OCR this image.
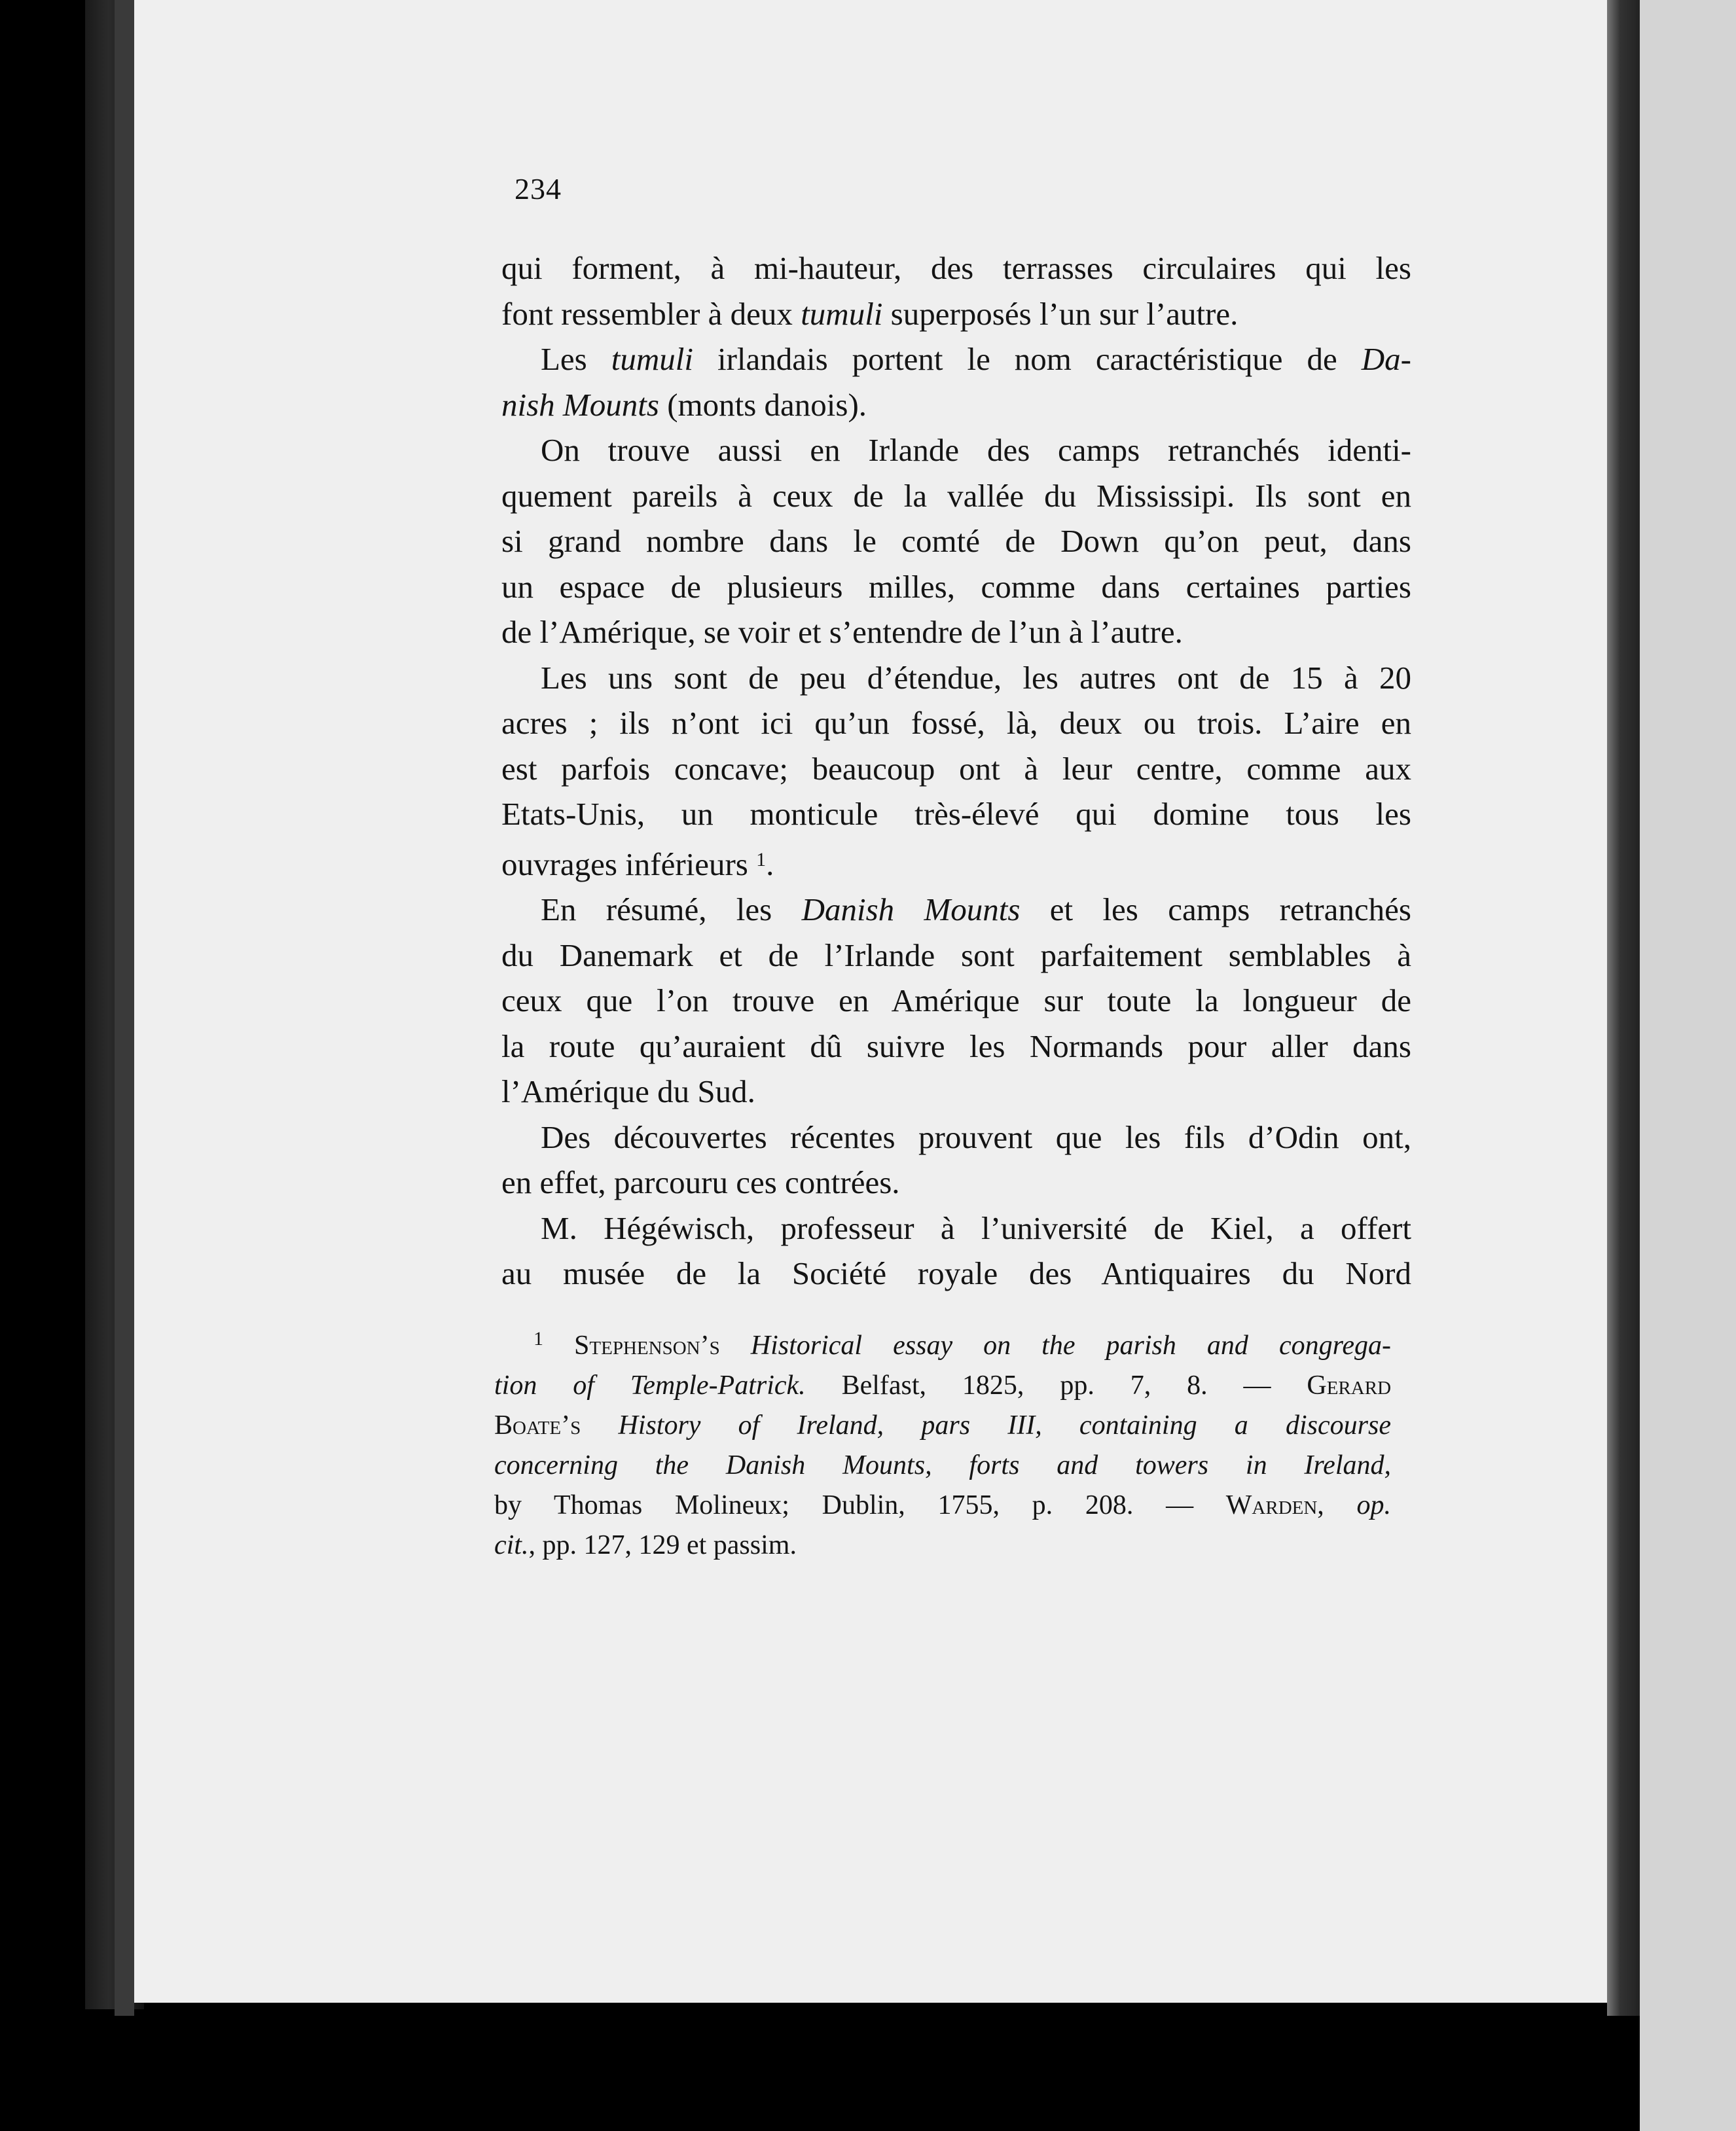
234
qui forment, à mi-hauteur, des terrasses circulaires qui les
font ressembler à deux tumuli superposés l’un sur l’autre.
Les tumuli irlandais portent le nom caractéristique de Da-
nish Mounts (monts danois).
On trouve aussi en Irlande des camps retranchés identi-
quement pareils à ceux de la vallée du Mississipi. Ils sont en
si grand nombre dans le comté de Down qu’on peut, dans
un espace de plusieurs milles, comme dans certaines parties
de l’Amérique, se voir et s’entendre de l’un à l’autre.
Les uns sont de peu d’étendue, les autres ont de 15 à 20
acres ; ils n’ont ici qu’un fossé, là, deux ou trois. L’aire en
est parfois concave; beaucoup ont à leur centre, comme aux
Etats-Unis, un monticule très-élevé qui domine tous les
ouvrages inférieurs $^1$.
En résumé, les Danish Mounts et les camps retranchés
du Danemark et de l’Irlande sont parfaitement semblables à
ceux que l’on trouve en Amérique sur toute la longueur de
la route qu’auraient dû suivre les Normands pour aller dans
l’Amérique du Sud.
Des découvertes récentes prouvent que les fils d’Odin ont,
en effet, parcouru ces contrées.
M. Hégéwisch, professeur à l’université de Kiel, a offert
au musée de la Société royale des Antiquaires du Nord
$^1$ Stephenson’s Historical essay on the parish and congrega-
tion of Temple-Patrick. Belfast, 1825, pp. 7, 8. — Gerard
Boate’s History of Ireland, pars III, containing a discourse
concerning the Danish Mounts, forts and towers in Ireland,
by Thomas Molineux; Dublin, 1755, p. 208. — Warden, op.
cit., pp. 127, 129 et passim.
